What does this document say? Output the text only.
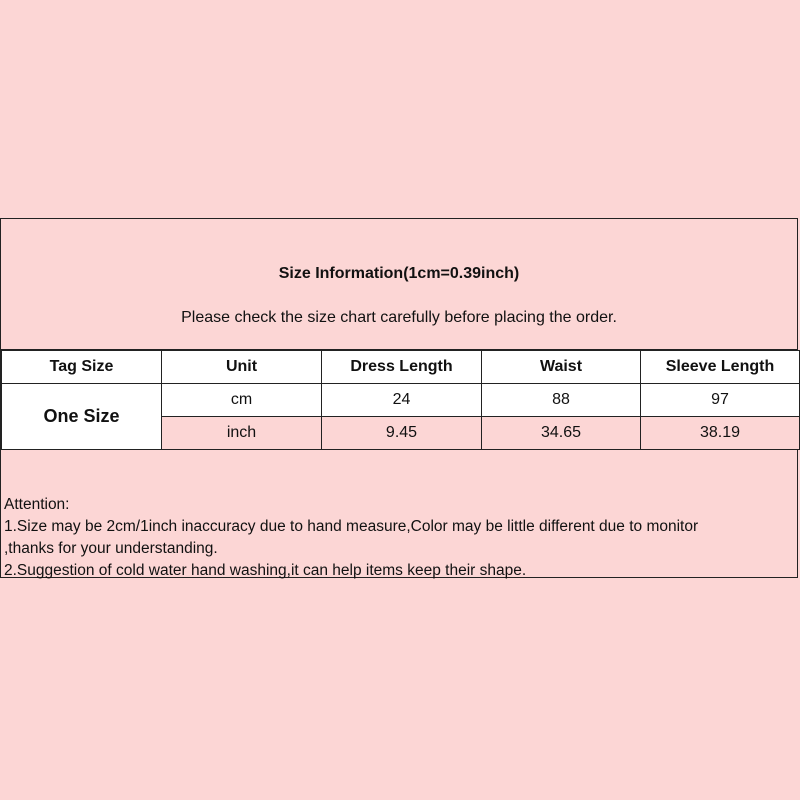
Size Information(1cm=0.39inch)
Please check the size chart carefully before placing the order.
Tag Size	Unit	Dress Length	Waist	Sleeve Length
One Size	cm	24	88	97
	inch	9.45	34.65	38.19
Attention:
1.Size may be 2cm/1inch inaccuracy due to hand measure,Color may be little different due to monitor
,thanks for your understanding.
2.Suggestion of cold water hand washing,it can help items keep their shape.
